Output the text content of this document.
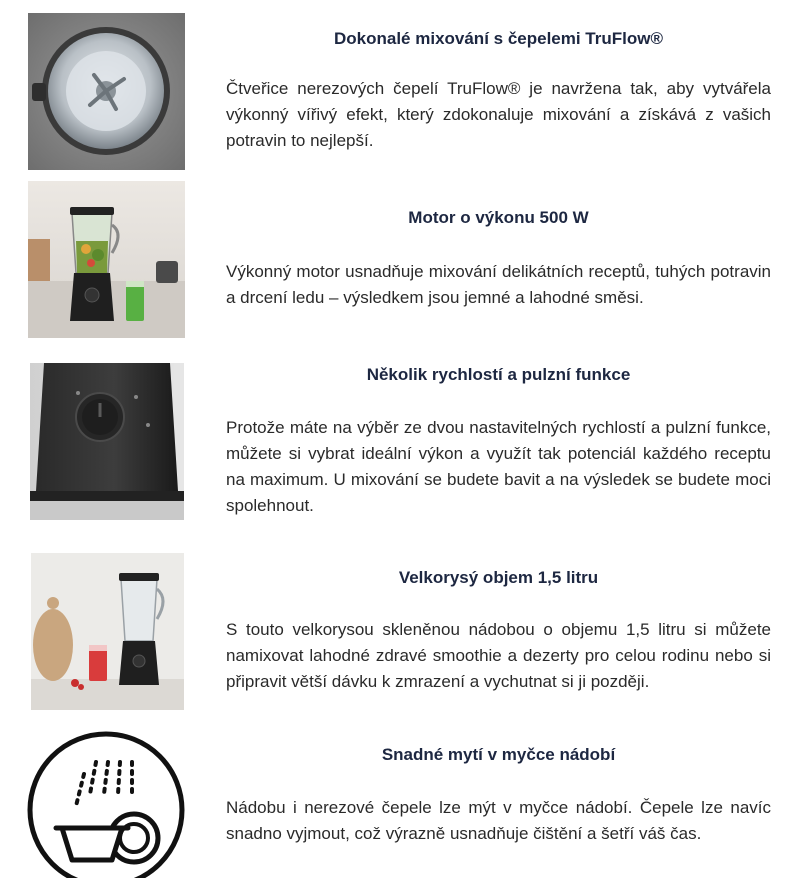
Dokonalé mixování s čepelemi TruFlow®

Čtveřice nerezových čepelí TruFlow® je navržena tak, aby vytvářela výkonný vířivý efekt, který zdokonaluje mixování a získává z vašich potravin to nejlepší.

Motor o výkonu 500 W

Výkonný motor usnadňuje mixování delikátních receptů, tuhých potravin a drcení ledu – výsledkem jsou jemné a lahodné směsi.

Několik rychlostí a pulzní funkce

Protože máte na výběr ze dvou nastavitelných rychlostí a pulzní funkce, můžete si vybrat ideální výkon a využít tak potenciál každého receptu na maximum. U mixování se budete bavit a na výsledek se budete moci spolehnout.

Velkorysý objem 1,5 litru

S touto velkorysou skleněnou nádobou o objemu 1,5 litru si můžete namixovat lahodné zdravé smoothie a dezerty pro celou rodinu nebo si připravit větší dávku k zmrazení a vychutnat si ji později.

Snadné mytí v myčce nádobí

Nádobu i nerezové čepele lze mýt v myčce nádobí. Čepele lze navíc snadno vyjmout, což výrazně usnadňuje čištění a šetří váš čas.
